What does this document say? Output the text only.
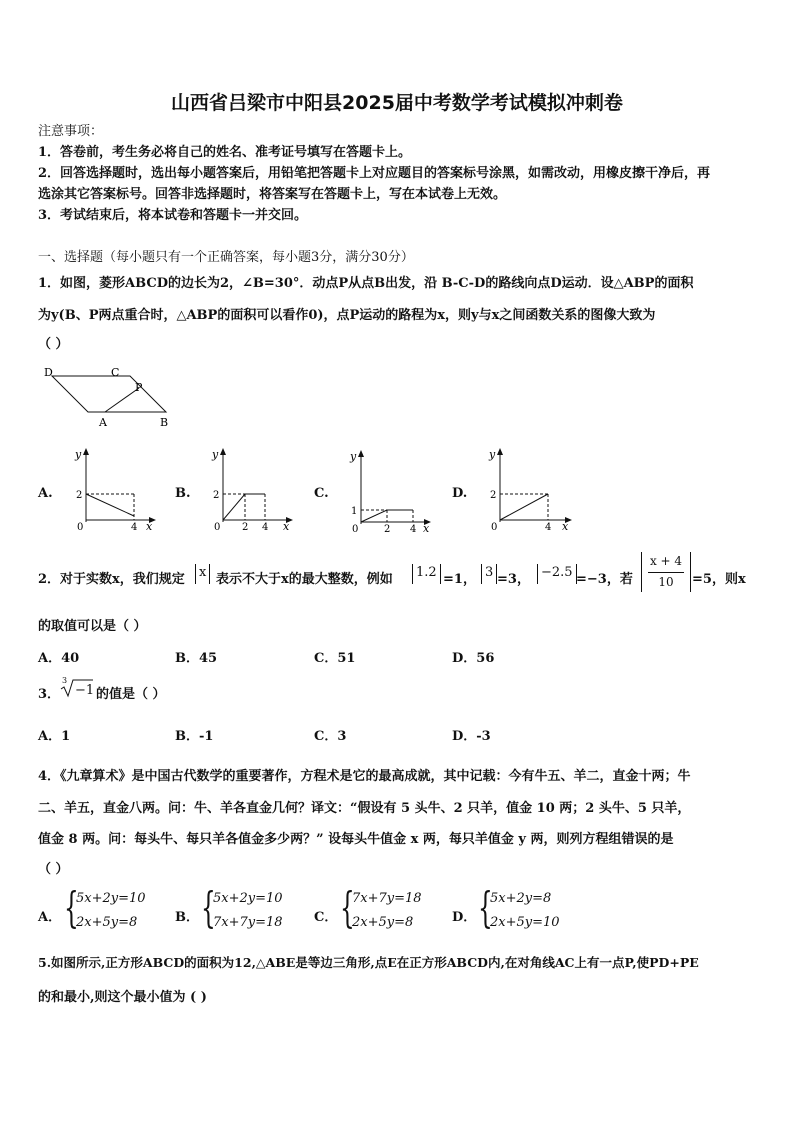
山西省吕梁市中阳县2025届中考数学考试模拟冲刺卷
注意事项：
1．答卷前，考生务必将自己的姓名、准考证号填写在答题卡上。
2．回答选择题时，选出每小题答案后，用铅笔把答题卡上对应题目的答案标号涂黑，如需改动，用橡皮擦干净后，再
选涂其它答案标号。回答非选择题时，将答案写在答题卡上，写在本试卷上无效。
3．考试结束后，将本试卷和答题卡一并交回。
一、选择题（每小题只有一个正确答案，每小题3分，满分30分）
1．如图，菱形ABCD的边长为2，∠B=30°．动点P从点B出发，沿 B-C-D的路线向点D运动．设△ABP的面积
为y(B、P两点重合时，△ABP的面积可以看作0)，点P运动的路程为x，则y与x之间函数关系的图像大致为
（ ）
D	C
P
A	B
A.	B.	C.	D.
y
2
0	4 x
y
2
0 2 4 x
y
1
0	2 4 x
y
2
0	4 x
2．对于实数x，我们规定	x 表示不大于x的最大整数，例如	1.2 =1， 3 =3， −2.5 =−3，若
x + 4
10	=5，则x
的取值可以是（ ）
A．40	B．45	C．51	D．56
3．
3
−1 的值是（ ）
A．1	B．-1	C．3	D．-3
4．《九章算术》是中国古代数学的重要著作，方程术是它的最高成就，其中记载：今有牛五、羊二，直金十两；牛
二、羊五，直金八两。问：牛、羊各直金几何？译文：“假设有 5 头牛、2 只羊，值金 10 两；2 头牛、5 只羊，
值金 8 两。问：每头牛、每只羊各值金多少两？” 设每头牛值金 x 两，每只羊值金 y 两，则列方程组错误的是
（ ）
A． {
5x+2y=10
2x+5y=8	B． {
5x+2y=10
7x+7y=18 C． {
7x+7y=18
2x+5y=8	D． {
5x+2y=8
2x+5y=10
5.如图所示,正方形ABCD的面积为12,△ABE是等边三角形,点E在正方形ABCD内,在对角线AC上有一点P,使PD+PE
的和最小,则这个最小值为 ( )
